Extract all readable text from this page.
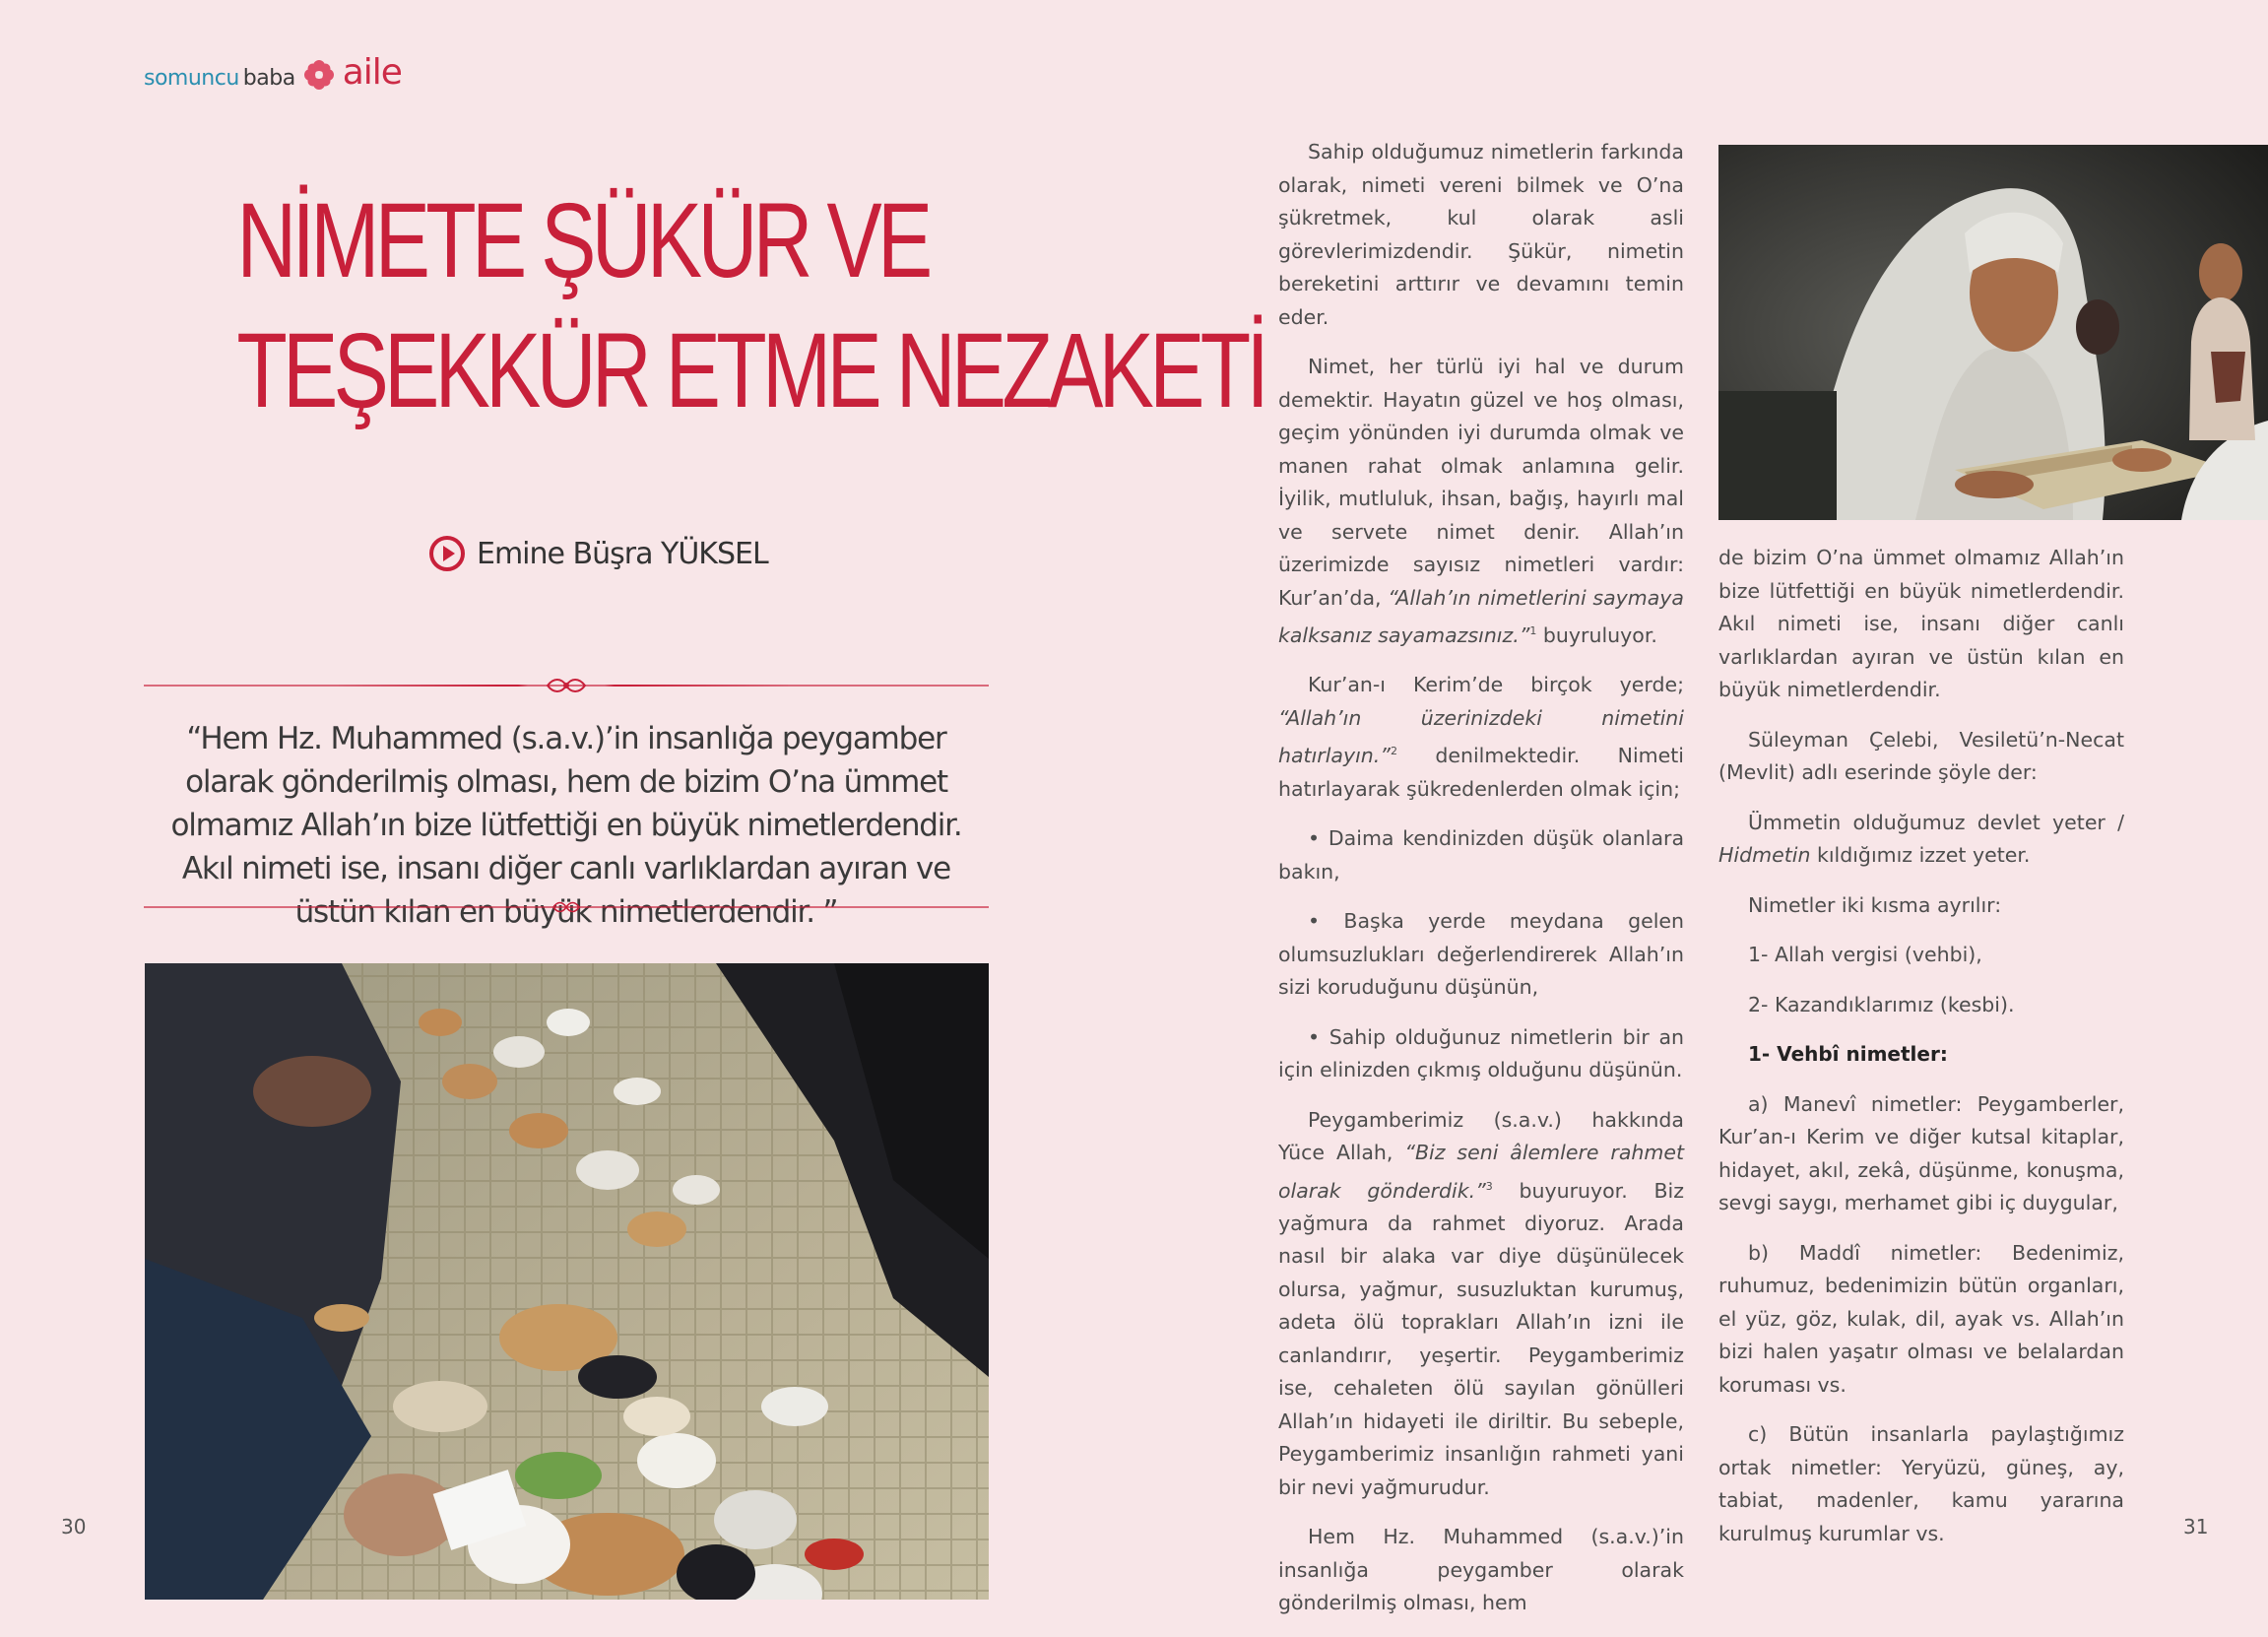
somuncu baba aile
NİMETE ŞÜKÜR VE
TEŞEKKÜR ETME NEZAKETİ
Emine Büşra YÜKSEL
“Hem Hz. Muhammed (s.a.v.)’in insanlığa peygamber olarak gönderilmiş olması, hem de bizim O’na ümmet olmamız Allah’ın bize lütfettiği en büyük nimetlerdendir. Akıl nimeti ise, insanı diğer canlı varlıklardan ayıran ve üstün kılan en büyük nimetlerdendir. ”

Sahip olduğumuz nimetlerin farkında olarak, nimeti vereni bilmek ve O’na şükretmek, kul olarak asli görevlerimizdendir. Şükür, nimetin bereketini arttırır ve devamını temin eder.

Nimet, her türlü iyi hal ve durum demektir. Hayatın güzel ve hoş olması, geçim yönünden iyi durumda olmak ve manen rahat olmak anlamına gelir. İyilik, mutluluk, ihsan, bağış, hayırlı mal ve servete nimet denir. Allah’ın üzerimizde sayısız nimetleri vardır: Kur’an’da, “Allah’ın nimetlerini saymaya kalksanız sayamazsınız.”$^1$ buyruluyor.

Kur’an-ı Kerim’de birçok yerde; “Allah’ın üzerinizdeki nimetini hatırlayın.”$^2$ denilmektedir. Nimeti hatırlayarak şükredenlerden olmak için;

• Daima kendinizden düşük olanlara bakın,

• Başka yerde meydana gelen olumsuzlukları değerlendirerek Allah’ın sizi koruduğunu düşünün,

• Sahip olduğunuz nimetlerin bir an için elinizden çıkmış olduğunu düşünün.

Peygamberimiz (s.a.v.) hakkında Yüce Allah, “Biz seni âlemlere rahmet olarak gönderdik.”$^3$ buyuruyor. Biz yağmura da rahmet diyoruz. Arada nasıl bir alaka var diye düşünülecek olursa, yağmur, susuzluktan kurumuş, adeta ölü toprakları Allah’ın izni ile canlandırır, yeşertir. Peygamberimiz ise, cehaleten ölü sayılan gönülleri Allah’ın hidayeti ile diriltir. Bu sebeple, Peygamberimiz insanlığın rahmeti yani bir nevi yağmurudur.

Hem Hz. Muhammed (s.a.v.)’in insanlığa peygamber olarak gönderilmiş olması, hem

de bizim O’na ümmet olmamız Allah’ın bize lütfettiği en büyük nimetlerdendir. Akıl nimeti ise, insanı diğer canlı varlıklardan ayıran ve üstün kılan en büyük nimetlerdendir.

Süleyman Çelebi, Vesiletü’n-Necat (Mevlit) adlı eserinde şöyle der:

Ümmetin olduğumuz devlet yeter / Hidmetin kıldığımız izzet yeter.

Nimetler iki kısma ayrılır:

1- Allah vergisi (vehbi),

2- Kazandıklarımız (kesbi).

1- Vehbî nimetler:

a) Manevî nimetler: Peygamberler, Kur’an-ı Kerim ve diğer kutsal kitaplar, hidayet, akıl, zekâ, düşünme, konuşma, sevgi saygı, merhamet gibi iç duygular,

b) Maddî nimetler: Bedenimiz, ruhumuz, bedenimizin bütün organları, el yüz, göz, kulak, dil, ayak vs. Allah’ın bizi halen yaşatır olması ve belalardan koruması vs.

c) Bütün insanlarla paylaştığımız ortak nimetler: Yeryüzü, güneş, ay, tabiat, madenler, kamu yararına kurulmuş kurumlar vs.

30	31
